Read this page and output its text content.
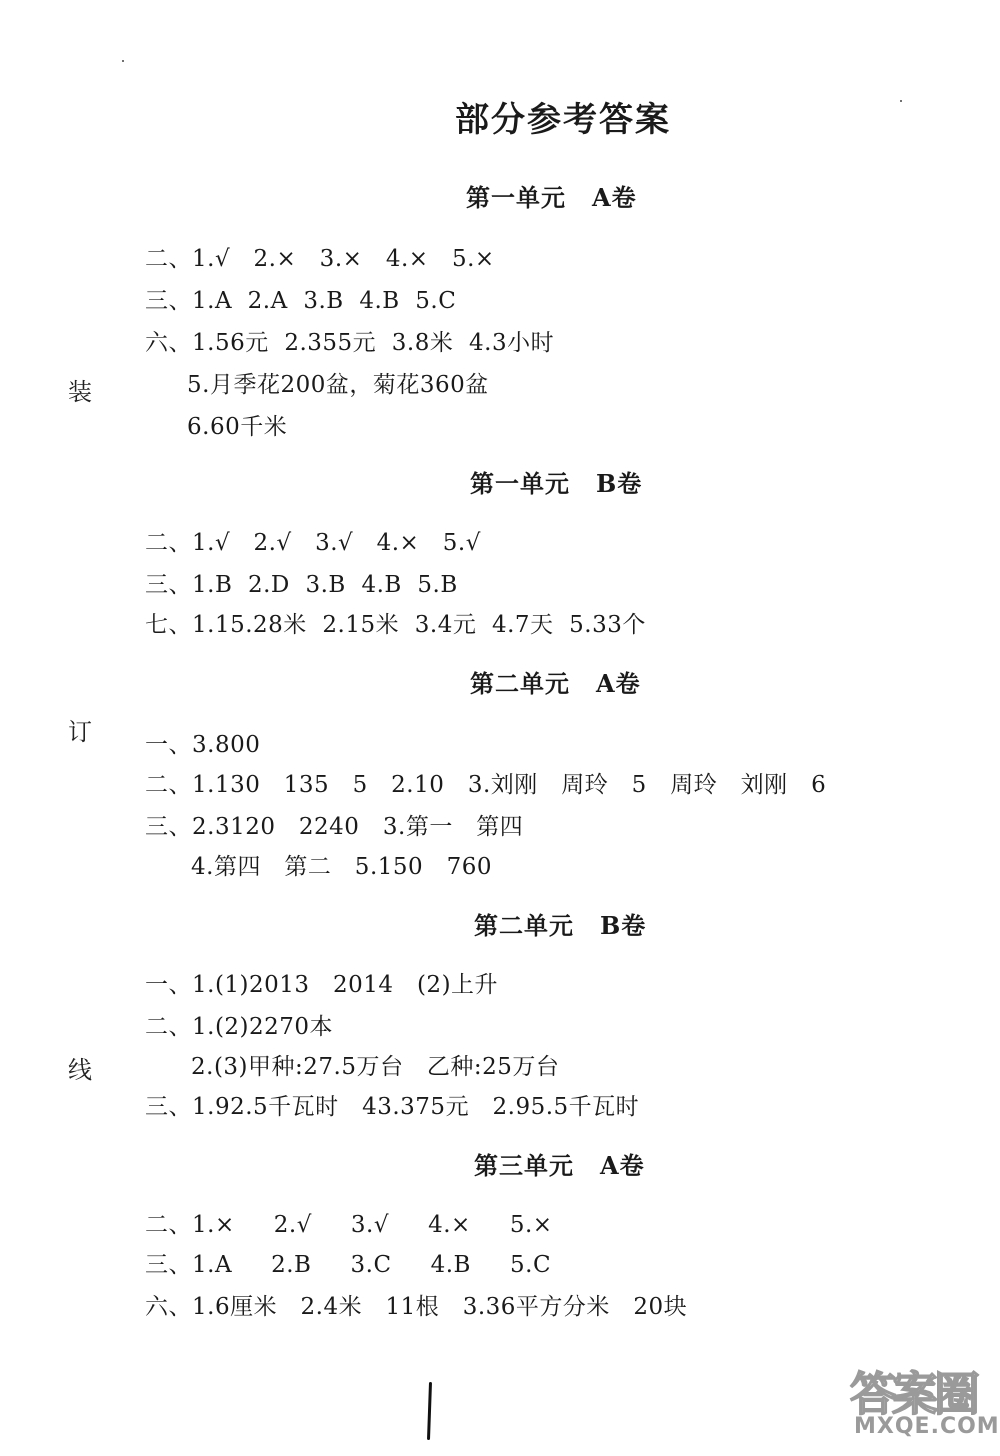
部分参考答案
装
订
线
第一单元 A卷
二、1.√   2.×   3.×   4.×   5.×
三、1.A  2.A  3.B  4.B  5.C
六、1.56元  2.355元  3.8米  4.3小时
5.月季花200盆，菊花360盆
6.60千米
第一单元 B卷
二、1.√   2.√   3.√   4.×   5.√
三、1.B  2.D  3.B  4.B  5.B
七、1.15.28米  2.15米  3.4元  4.7天  5.33个
第二单元 A卷
一、3.800
二、1.130   135   5   2.10   3.刘刚   周玲   5   周玲   刘刚   6
三、2.3120   2240   3.第一   第四
4.第四   第二   5.150   760
第二单元 B卷
一、1.(1)2013   2014   (2)上升
二、1.(2)2270本
2.(3)甲种:27.5万台   乙种:25万台
三、1.92.5千瓦时   43.375元   2.95.5千瓦时
第三单元 A卷
二、1.×     2.√     3.√     4.×     5.×
三、1.A     2.B     3.C     4.B     5.C
六、1.6厘米   2.4米   11根   3.36平方分米   20块
答案圈
MXQE.COM
